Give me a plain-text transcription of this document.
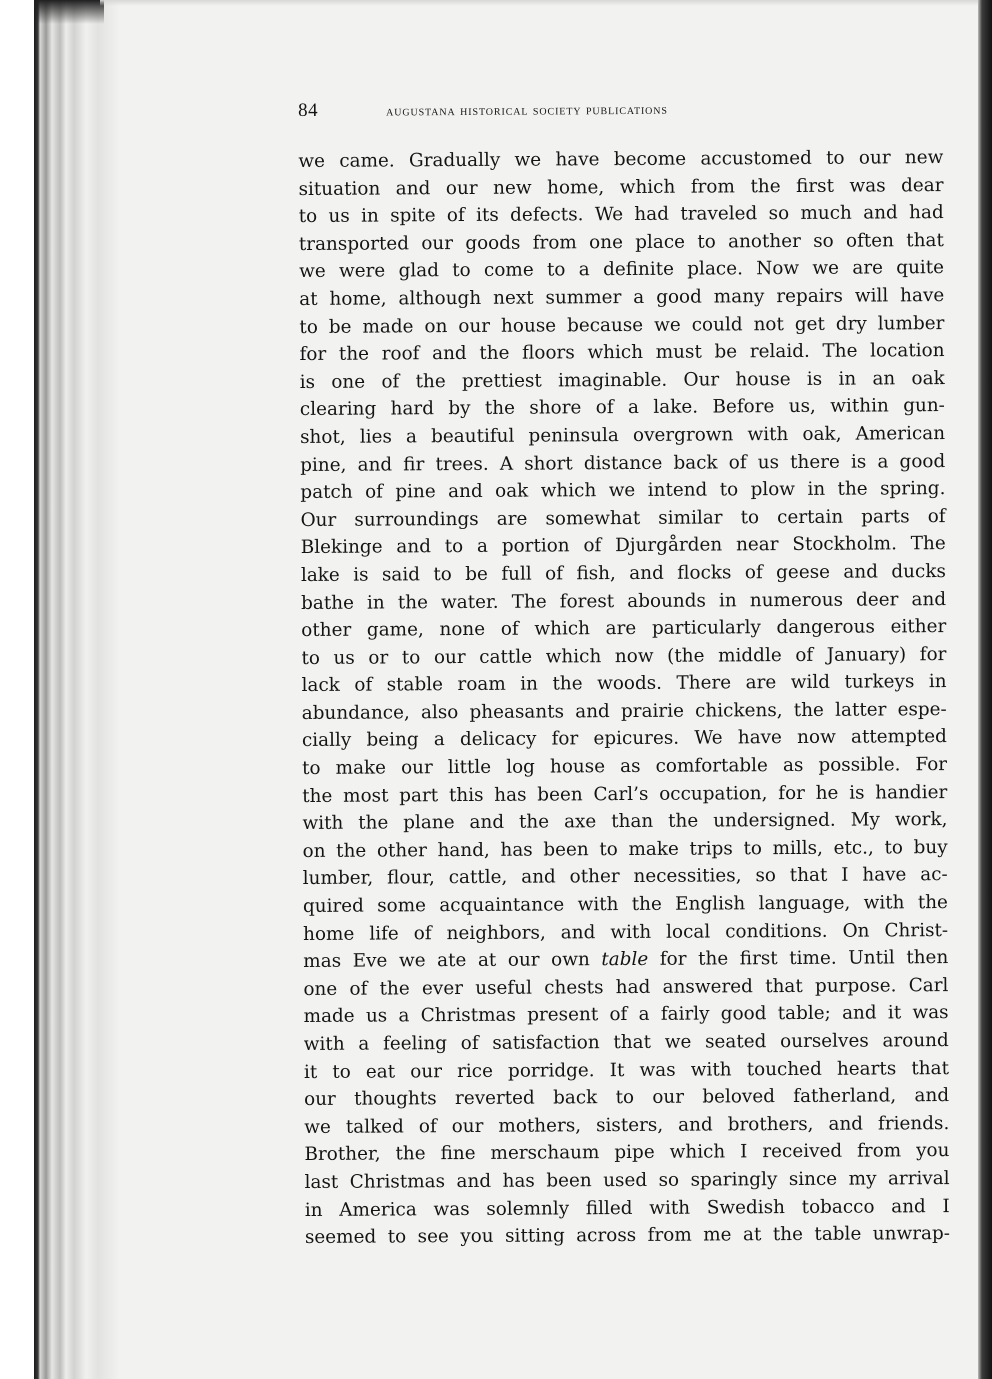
84	augustana historical society publications
we came. Gradually we have become accustomed to our new
situation and our new home, which from the first was dear
to us in spite of its defects. We had traveled so much and had
transported our goods from one place to another so often that
we were glad to come to a definite place. Now we are quite
at home, although next summer a good many repairs will have
to be made on our house because we could not get dry lumber
for the roof and the floors which must be relaid. The location
is one of the prettiest imaginable. Our house is in an oak
clearing hard by the shore of a lake. Before us, within gun-
shot, lies a beautiful peninsula overgrown with oak, American
pine, and fir trees. A short distance back of us there is a good
patch of pine and oak which we intend to plow in the spring.
Our surroundings are somewhat similar to certain parts of
Blekinge and to a portion of Djurgården near Stockholm. The
lake is said to be full of fish, and flocks of geese and ducks
bathe in the water. The forest abounds in numerous deer and
other game, none of which are particularly dangerous either
to us or to our cattle which now (the middle of January) for
lack of stable roam in the woods. There are wild turkeys in
abundance, also pheasants and prairie chickens, the latter espe-
cially being a delicacy for epicures. We have now attempted
to make our little log house as comfortable as possible. For
the most part this has been Carl’s occupation, for he is handier
with the plane and the axe than the undersigned. My work,
on the other hand, has been to make trips to mills, etc., to buy
lumber, flour, cattle, and other necessities, so that I have ac-
quired some acquaintance with the English language, with the
home life of neighbors, and with local conditions. On Christ-
mas Eve we ate at our own table for the first time. Until then
one of the ever useful chests had answered that purpose. Carl
made us a Christmas present of a fairly good table; and it was
with a feeling of satisfaction that we seated ourselves around
it to eat our rice porridge. It was with touched hearts that
our thoughts reverted back to our beloved fatherland, and
we talked of our mothers, sisters, and brothers, and friends.
Brother, the fine merschaum pipe which I received from you
last Christmas and has been used so sparingly since my arrival
in America was solemnly filled with Swedish tobacco and I
seemed to see you sitting across from me at the table unwrap-
